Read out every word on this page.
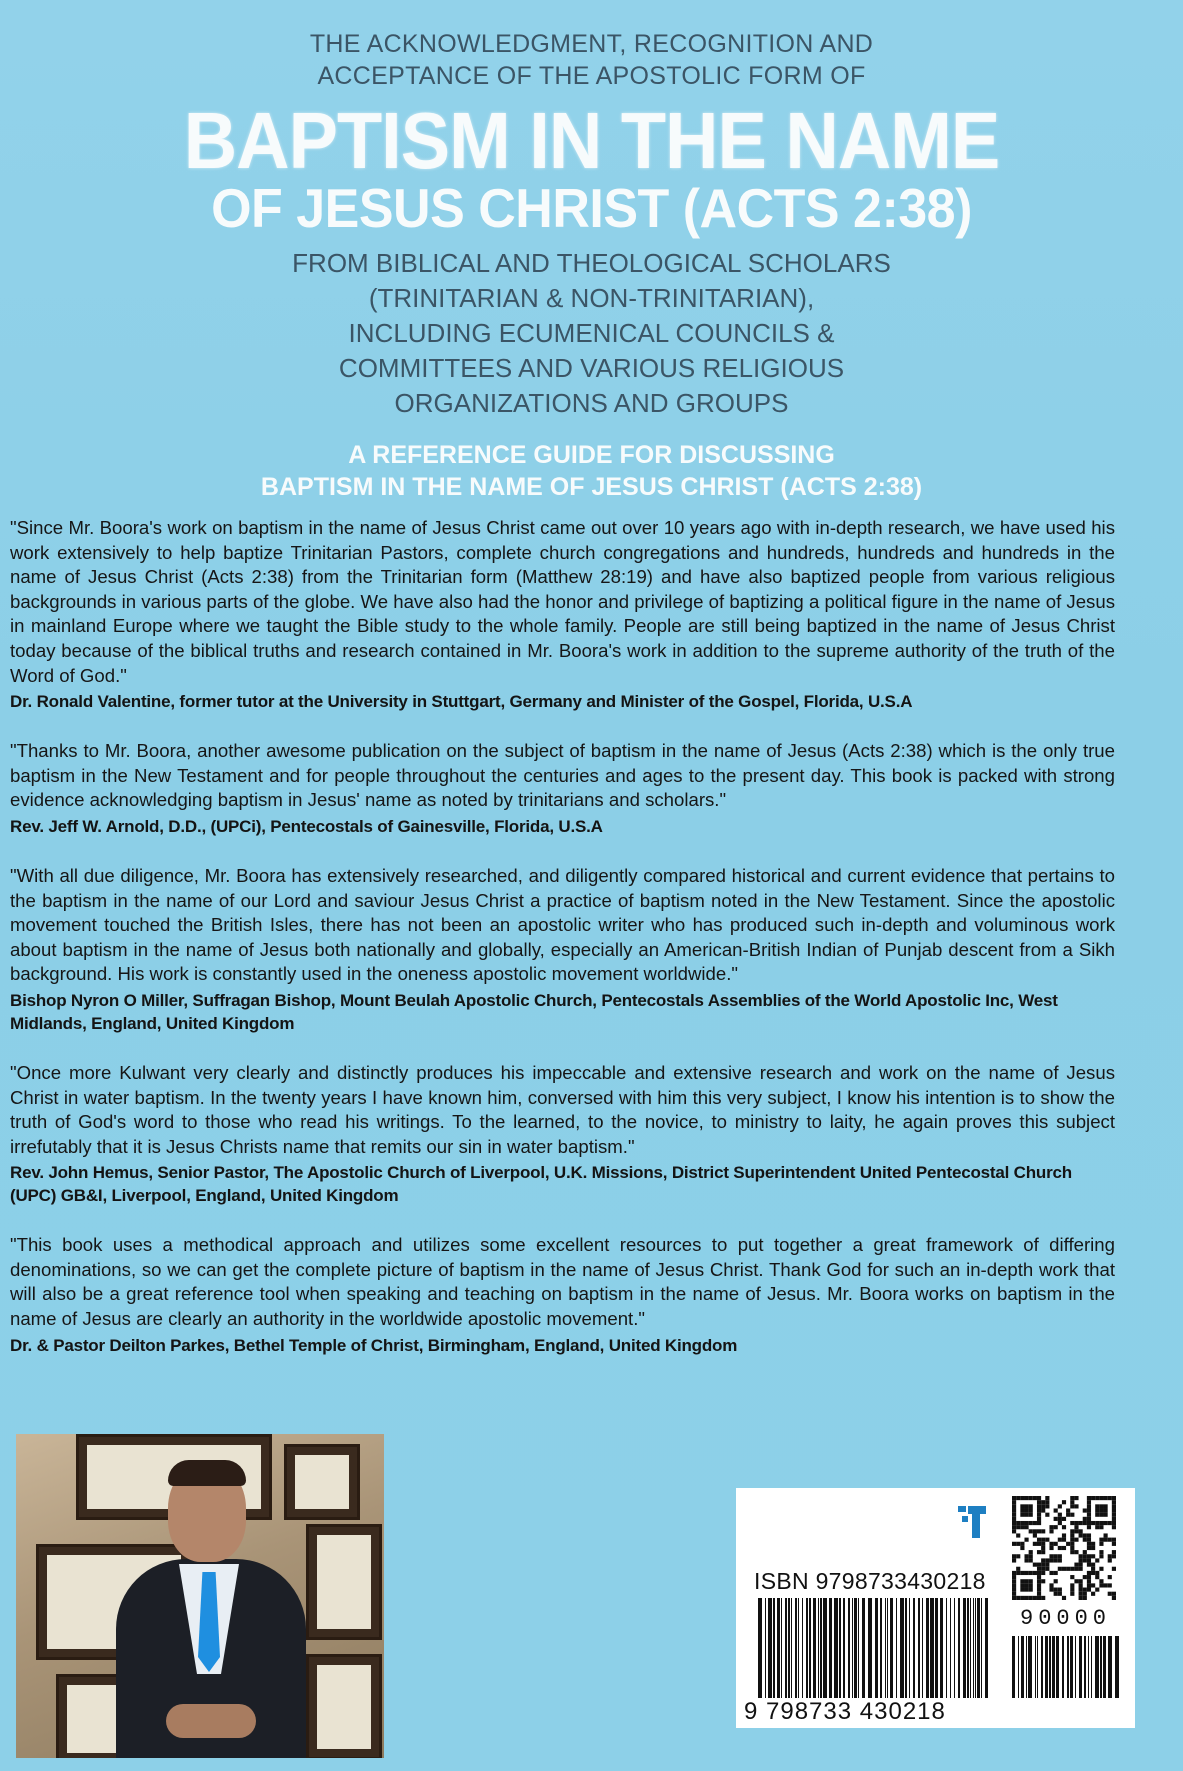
THE ACKNOWLEDGMENT, RECOGNITION AND

ACCEPTANCE OF THE APOSTOLIC FORM OF

BAPTISM IN THE NAME
OF JESUS CHRIST (ACTS 2:38)
FROM BIBLICAL AND THEOLOGICAL SCHOLARS
(TRINITARIAN & NON-TRINITARIAN),
INCLUDING ECUMENICAL COUNCILS &
COMMITTEES AND VARIOUS RELIGIOUS
ORGANIZATIONS AND GROUPS
A REFERENCE GUIDE FOR DISCUSSING
BAPTISM IN THE NAME OF JESUS CHRIST (ACTS 2:38)

"Since Mr. Boora's work on baptism in the name of Jesus Christ came out over 10 years ago with in-depth research, we have used his work extensively to help baptize Trinitarian Pastors, complete church congregations and hundreds, hundreds and hundreds in the name of Jesus Christ (Acts 2:38) from the Trinitarian form (Matthew 28:19) and have also baptized people from various religious backgrounds in various parts of the globe. We have also had the honor and privilege of baptizing a political figure in the name of Jesus in mainland Europe where we taught the Bible study to the whole family. People are still being baptized in the name of Jesus Christ today because of the biblical truths and research contained in Mr. Boora's work in addition to the supreme authority of the truth of the Word of God."

Dr. Ronald Valentine, former tutor at the University in Stuttgart, Germany and Minister of the Gospel, Florida, U.S.A

"Thanks to Mr. Boora, another awesome publication on the subject of baptism in the name of Jesus (Acts 2:38) which is the only true baptism in the New Testament and for people throughout the centuries and ages to the present day. This book is packed with strong evidence acknowledging baptism in Jesus' name as noted by trinitarians and scholars."

Rev. Jeff W. Arnold, D.D., (UPCi), Pentecostals of Gainesville, Florida, U.S.A

"With all due diligence, Mr. Boora has extensively researched, and diligently compared historical and current evidence that pertains to the baptism in the name of our Lord and saviour Jesus Christ a practice of baptism noted in the New Testament. Since the apostolic movement touched the British Isles, there has not been an apostolic writer who has produced such in-depth and voluminous work about baptism in the name of Jesus both nationally and globally, especially an American-British Indian of Punjab descent from a Sikh background. His work is constantly used in the oneness apostolic movement worldwide."

Bishop Nyron O Miller, Suffragan Bishop, Mount Beulah Apostolic Church, Pentecostals Assemblies of the World Apostolic Inc, West Midlands, England, United Kingdom

"Once more Kulwant very clearly and distinctly produces his impeccable and extensive research and work on the name of Jesus Christ in water baptism. In the twenty years I have known him, conversed with him this very subject, I know his intention is to show the truth of God's word to those who read his writings. To the learned, to the novice, to ministry to laity, he again proves this subject irrefutably that it is Jesus Christs name that remits our sin in water baptism."

Rev. John Hemus, Senior Pastor, The Apostolic Church of Liverpool, U.K. Missions, District Superintendent United Pentecostal Church (UPC) GB&I, Liverpool, England, United Kingdom

"This book uses a methodical approach and utilizes some excellent resources to put together a great framework of differing denominations, so we can get the complete picture of baptism in the name of Jesus Christ. Thank God for such an in-depth work that will also be a great reference tool when speaking and teaching on baptism in the name of Jesus. Mr. Boora works on baptism in the name of Jesus are clearly an authority in the worldwide apostolic movement."

Dr. & Pastor Deilton Parkes, Bethel Temple of Christ, Birmingham, England, United Kingdom

ISBN 9798733430218
90000
9 798733 430218
